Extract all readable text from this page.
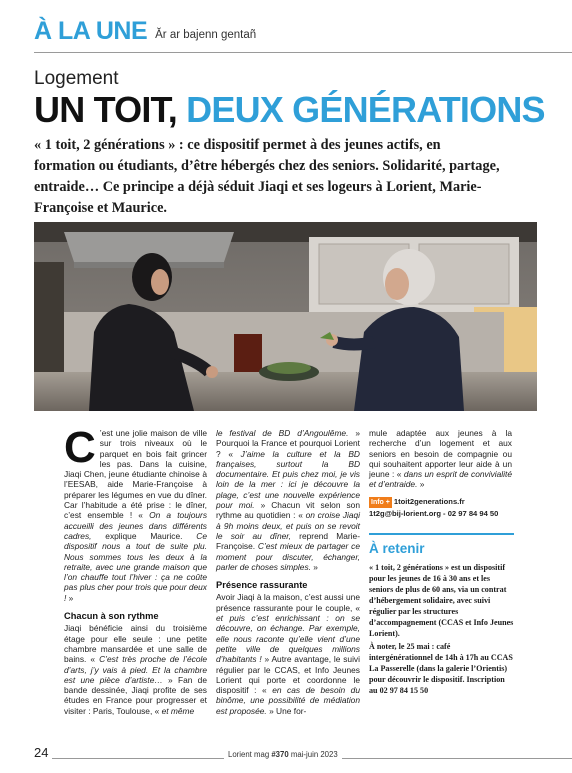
À LA UNE Ăr ar bajenn gentañ
Logement
UN TOIT, DEUX GÉNÉRATIONS
« 1 toit, 2 générations » : ce dispositif permet à des jeunes actifs, en formation ou étudiants, d’être hébergés chez des seniors. Solidarité, partage, entraide… Ce principe a déjà séduit Jiaqi et ses logeurs à Lorient, Marie-Françoise et Maurice.

C ’est une jolie maison de ville sur trois niveaux où le parquet en bois fait grincer les pas. Dans la cuisine, Jiaqi Chen, jeune étudiante chinoise à l’EESAB, aide Marie-Françoise à préparer les légumes en vue du dîner. Car l’habitude a été prise : le dîner, c’est ensemble ! « On a toujours accueilli des jeunes dans différents cadres, explique Maurice. Ce dispositif nous a tout de suite plu. Nous sommes tous les deux à la retraite, avec une grande maison que l’on chauffe tout l’hiver : ça ne coûte pas plus cher pour trois que pour deux ! »

Chacun à son rythme

Jiaqi bénéficie ainsi du troisième étage pour elle seule : une petite chambre mansardée et une salle de bains. « C’est très proche de l’école d’arts, j’y vais à pied. Et la chambre est une pièce d’artiste… » Fan de bande dessinée, Jiaqi profite de ses études en France pour progresser et visiter : Paris, Toulouse, « et même

le festival de BD d’Angoulême. » Pourquoi la France et pourquoi Lorient ? « J’aime la culture et la BD françaises, surtout la BD documentaire. Et puis chez moi, je vis loin de la mer : ici je découvre la plage, c’est une nouvelle expérience pour moi. » Chacun vit selon son rythme au quotidien : « on croise Jiaqi à 9h moins deux, et puis on se revoit le soir au dîner, reprend Marie-Françoise. C’est mieux de partager ce moment pour discuter, échanger, parler de choses simples. »

Présence rassurante

Avoir Jiaqi à la maison, c’est aussi une présence rassurante pour le couple, « et puis c’est enrichissant : on se découvre, on échange. Par exemple, elle nous raconte qu’elle vient d’une petite ville de quelques millions d’habitants ! » Autre avantage, le suivi régulier par le CCAS, et Info Jeunes Lorient qui porte et coordonne le dispositif : « en cas de besoin du binôme, une possibilité de médiation est proposée. » Une for-

mule adaptée aux jeunes à la recherche d’un logement et aux seniors en besoin de compagnie ou qui souhaitent apporter leur aide à un jeune : « dans un esprit de convivialité et d’entraide. »

Info + 1toit2generations.fr
1t2g@bij-lorient.org - 02 97 84 94 50
À retenir

« 1 toit, 2 générations » est un dispositif pour les jeunes de 16 à 30 ans et les seniors de plus de 60 ans, via un contrat d’hébergement solidaire, avec suivi régulier par les structures d’accompagnement (CCAS et Info Jeunes Lorient).

À noter, le 25 mai : café intergénérationnel de 14h à 17h au CCAS La Passerelle (dans la galerie l’Orientis) pour découvrir le dispositif. Inscription au 02 97 84 15 50

24	Lorient mag #370 mai-juin 2023
